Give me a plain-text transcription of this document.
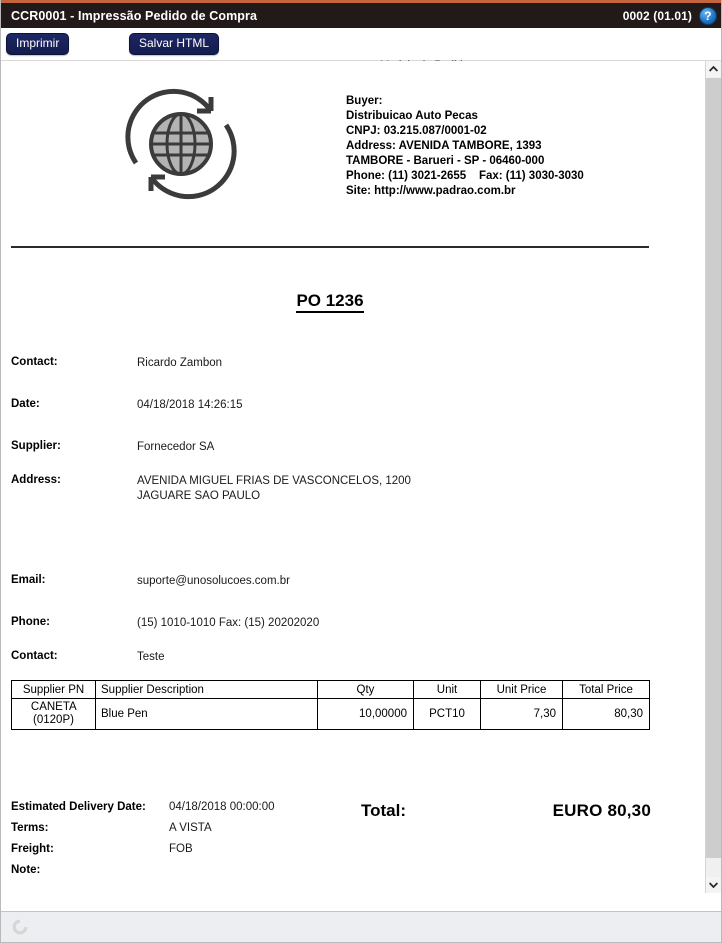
CCR0001 - Impressão Pedido de Compra	0002 (01.01)	?
Imprimir	Salvar HTML
Buyer:
Distribuicao Auto Pecas
CNPJ: 03.215.087/0001-02
Address: AVENIDA TAMBORE, 1393
TAMBORE - Barueri - SP - 06460-000
Phone: (11) 3021-2655    Fax: (11) 3030-3030
Site: http://www.padrao.com.br
PO 1236
Contact:	Ricardo Zambon
Date:	04/18/2018 14:26:15
Supplier:	Fornecedor SA
Address:	AVENIDA MIGUEL FRIAS DE VASCONCELOS, 1200
JAGUARE SAO PAULO
Email:	suporte@unosolucoes.com.br
Phone:	(15) 1010-1010 Fax: (15) 20202020
Contact:	Teste
Supplier PN	Supplier Description	Qty	Unit	Unit Price	Total Price
CANETA (0120P)	Blue Pen	10,00000	PCT10	7,30	80,30
Estimated Delivery Date:	04/18/2018 00:00:00
Terms:	A VISTA
Freight:	FOB
Note:
Total:	EURO 80,30
